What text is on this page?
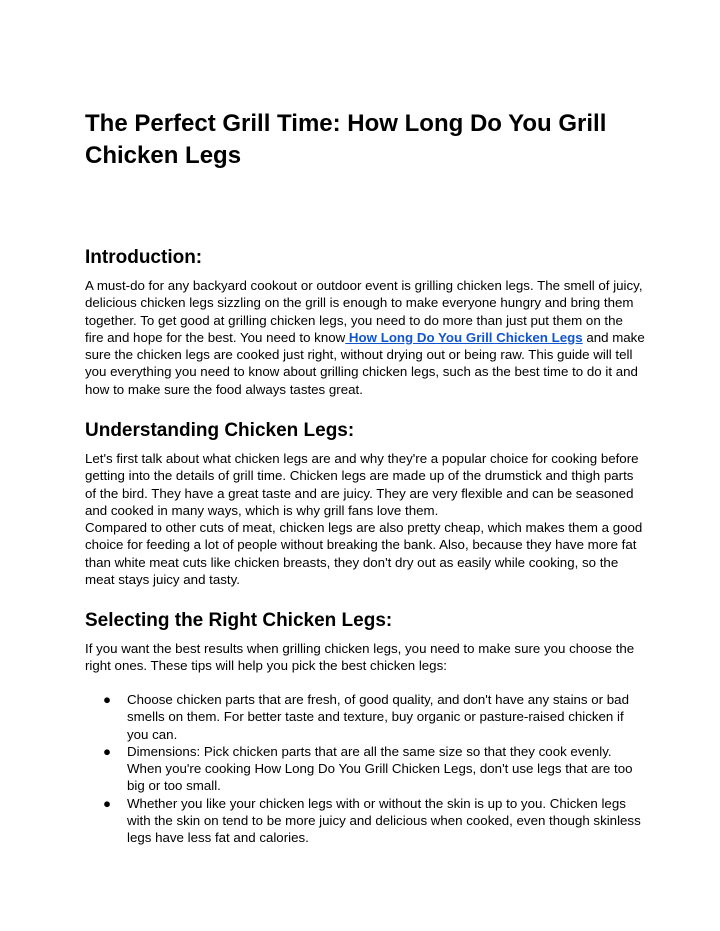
The Perfect Grill Time: How Long Do You Grill Chicken Legs
Introduction:

A must-do for any backyard cookout or outdoor event is grilling chicken legs. The smell of juicy, delicious chicken legs sizzling on the grill is enough to make everyone hungry and bring them together. To get good at grilling chicken legs, you need to do more than just put them on the fire and hope for the best. You need to know How Long Do You Grill Chicken Legs and make sure the chicken legs are cooked just right, without drying out or being raw. This guide will tell you everything you need to know about grilling chicken legs, such as the best time to do it and how to make sure the food always tastes great.

Understanding Chicken Legs:

Let's first talk about what chicken legs are and why they're a popular choice for cooking before getting into the details of grill time. Chicken legs are made up of the drumstick and thigh parts of the bird. They have a great taste and are juicy. They are very flexible and can be seasoned and cooked in many ways, which is why grill fans love them.

Compared to other cuts of meat, chicken legs are also pretty cheap, which makes them a good choice for feeding a lot of people without breaking the bank. Also, because they have more fat than white meat cuts like chicken breasts, they don't dry out as easily while cooking, so the meat stays juicy and tasty.

Selecting the Right Chicken Legs:

If you want the best results when grilling chicken legs, you need to make sure you choose the right ones. These tips will help you pick the best chicken legs:

● Choose chicken parts that are fresh, of good quality, and don't have any stains or bad smells on them. For better taste and texture, buy organic or pasture-raised chicken if you can.
● Dimensions: Pick chicken parts that are all the same size so that they cook evenly. When you're cooking How Long Do You Grill Chicken Legs, don't use legs that are too big or too small.
● Whether you like your chicken legs with or without the skin is up to you. Chicken legs with the skin on tend to be more juicy and delicious when cooked, even though skinless legs have less fat and calories.
